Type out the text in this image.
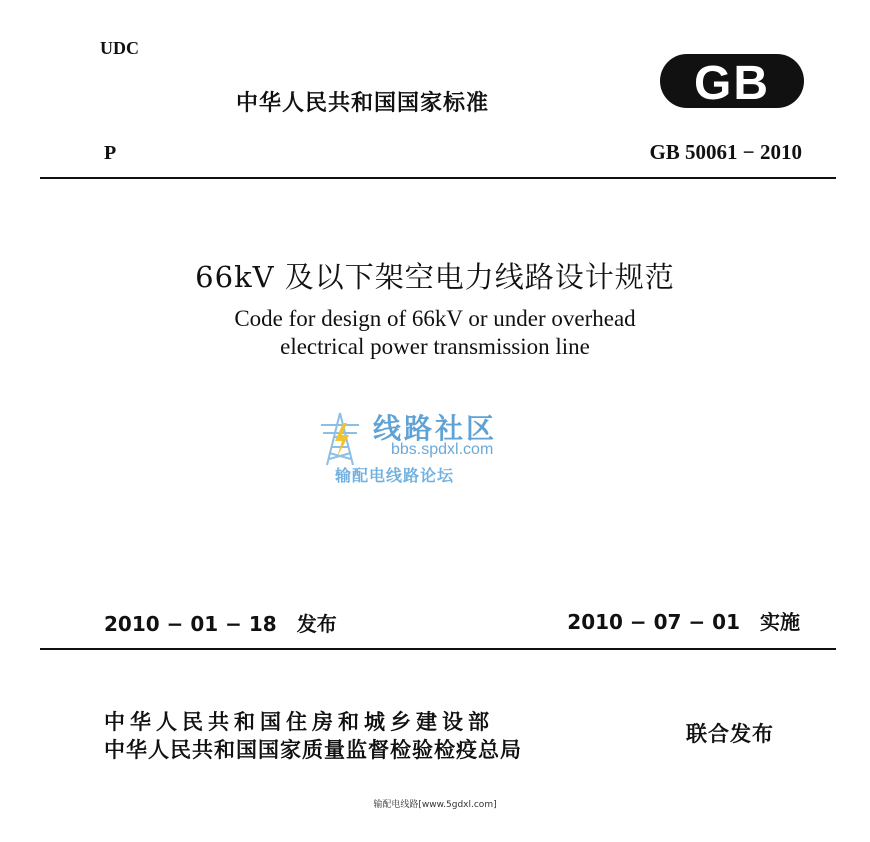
UDC
中华人民共和国国家标准	GB
P	GB 50061 − 2010
66kV 及以下架空电力线路设计规范
Code for design of 66kV or under overhead
electrical power transmission line
线路社区
bbs.spdxl.com
输配电线路论坛
2010 − 01 − 18　发布	2010 − 07 − 01　实施
中华人民共和国住房和城乡建设部
中华人民共和国国家质量监督检验检疫总局
联合发布
输配电线路[www.5gdxl.com]
